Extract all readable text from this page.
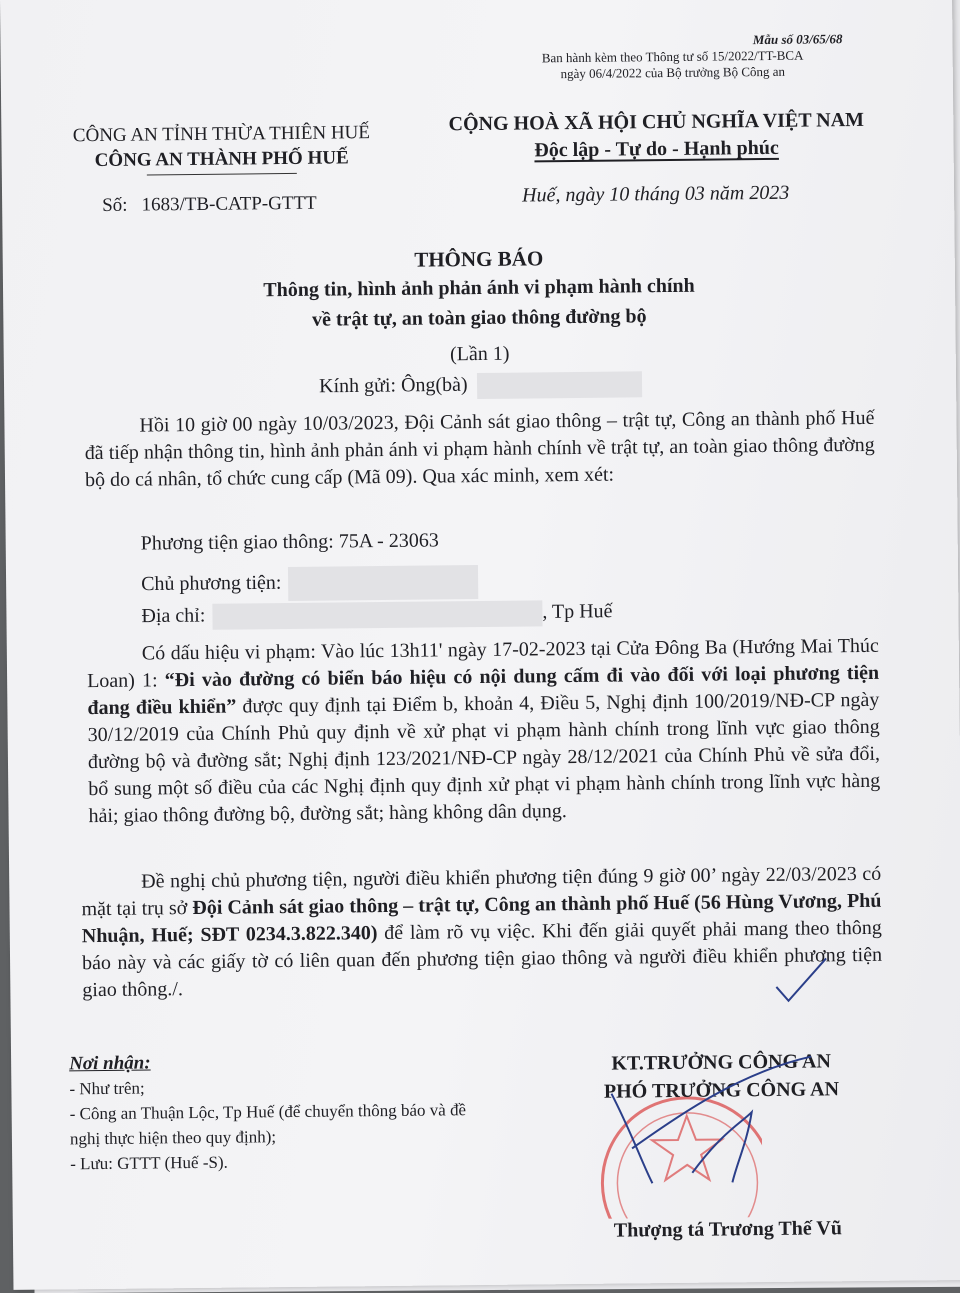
Mẫu số 03/65/68
Ban hành kèm theo Thông tư số 15/2022/TT-BCA
ngày 06/4/2022 của Bộ trưởng Bộ Công an
CÔNG AN TỈNH THỪA THIÊN HUẾ
CÔNG AN THÀNH PHỐ HUẾ
CỘNG HOÀ XÃ HỘI CHỦ NGHĨA VIỆT NAM
Độc lập - Tự do - Hạnh phúc
Số: 1683/TB-CATP-GTTT	Huế, ngày 10 tháng 03 năm 2023
THÔNG BÁO
Thông tin, hình ảnh phản ánh vi phạm hành chính
về trật tự, an toàn giao thông đường bộ
(Lần 1)
Kính gửi: Ông(bà)

Hồi 10 giờ 00 ngày 10/03/2023, Đội Cảnh sát giao thông – trật tự, Công an thành phố Huế đã tiếp nhận thông tin, hình ảnh phản ánh vi phạm hành chính về trật tự, an toàn giao thông đường bộ do cá nhân, tổ chức cung cấp (Mã 09). Qua xác minh, xem xét:

Phương tiện giao thông: 75A - 23063
Chủ phương tiện:
Địa chỉ:	, Tp Huế

Có dấu hiệu vi phạm: Vào lúc 13h11' ngày 17-02-2023 tại Cửa Đông Ba (Hướng Mai Thúc Loan) 1: “Đi vào đường có biển báo hiệu có nội dung cấm đi vào đối với loại phương tiện đang điều khiển” được quy định tại Điểm b, khoản 4, Điều 5, Nghị định 100/2019/NĐ-CP ngày 30/12/2019 của Chính Phủ quy định về xử phạt vi phạm hành chính trong lĩnh vực giao thông đường bộ và đường sắt; Nghị định 123/2021/NĐ-CP ngày 28/12/2021 của Chính Phủ về sửa đổi, bổ sung một số điều của các Nghị định quy định xử phạt vi phạm hành chính trong lĩnh vực hàng hải; giao thông đường bộ, đường sắt; hàng không dân dụng.

Đề nghị chủ phương tiện, người điều khiển phương tiện đúng 9 giờ 00’ ngày 22/03/2023 có mặt tại trụ sở Đội Cảnh sát giao thông – trật tự, Công an thành phố Huế (56 Hùng Vương, Phú Nhuận, Huế; SĐT 0234.3.822.340) để làm rõ vụ việc. Khi đến giải quyết phải mang theo thông báo này và các giấy tờ có liên quan đến phương tiện giao thông và người điều khiển phương tiện giao thông./.

Nơi nhận:
- Như trên;
- Công an Thuận Lộc, Tp Huế (để chuyển thông báo và đề nghị thực hiện theo quy định);
- Lưu: GTTT (Huế -S).
KT.TRƯỞNG CÔNG AN
PHÓ TRƯỞNG CÔNG AN
Thượng tá Trương Thế Vũ
